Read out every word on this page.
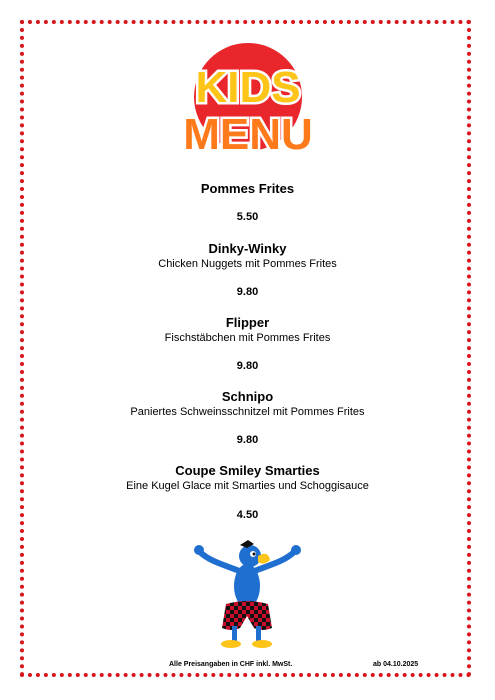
KIDS
MENU
Pommes Frites
5.50
Dinky-Winky
Chicken Nuggets mit Pommes Frites
9.80
Flipper
Fischstäbchen mit Pommes Frites
9.80
Schnipo
Paniertes Schweinsschnitzel mit Pommes Frites
9.80
Coupe Smiley Smarties
Eine Kugel Glace mit Smarties und Schoggisauce
4.50
Alle Preisangaben in CHF inkl. MwSt.	ab 04.10.2025
